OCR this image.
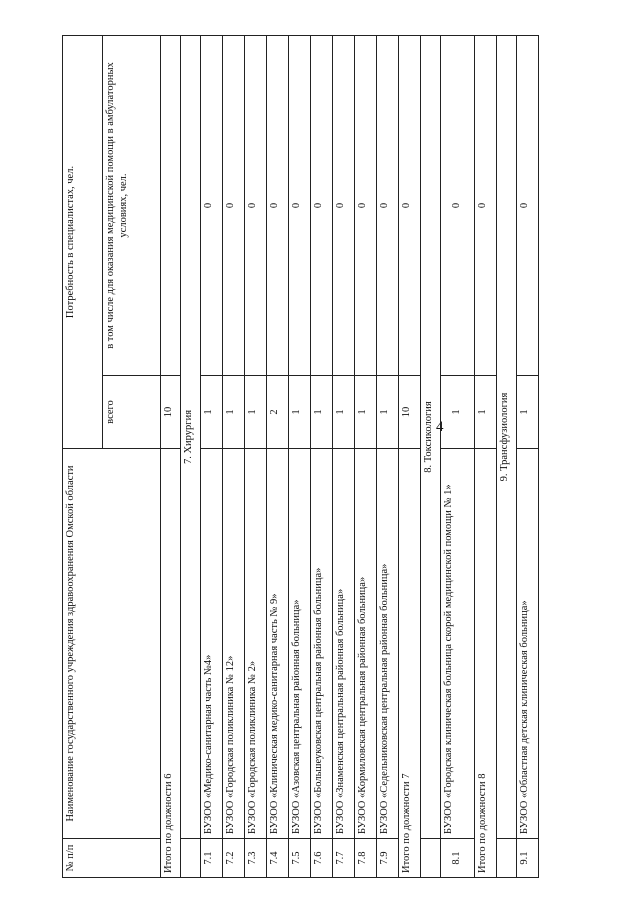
4
№ п/п	Наименование государственного учреждения здравоохранения Омской области	Потребность в специалистах, чел.	
		всего	в том числе для оказания медицинской помощи в амбулаторных условиях, чел.
Итого по должности 6		10	
	7. Хирургия		
7.1	БУЗОО «Медико-санитарная часть №4»	1	0
7.2	БУЗОО «Городская поликлиника № 12»	1	0
7.3	БУЗОО «Городская поликлиника № 2»	1	0
7.4	БУЗОО «Клиническая медико-санитарная часть № 9»	2	0
7.5	БУЗОО «Азовская центральная районная больница»	1	0
7.6	БУЗОО «Большеуковская центральная районная больница»	1	0
7.7	БУЗОО «Знаменская центральная районная больница»	1	0
7.8	БУЗОО «Кормиловская центральная районная больница»	1	0
7.9	БУЗОО «Седельниковская центральная районная больница»	1	0
Итого по должности 7		10	0
	8. Токсикология		
8.1	БУЗОО «Городская клиническая больница скорой медицинской помощи № 1»	1	0
Итого по должности 8		1	0
	9. Трансфузиология		
9.1	БУЗОО «Областная детская клиническая больница»	1	0
